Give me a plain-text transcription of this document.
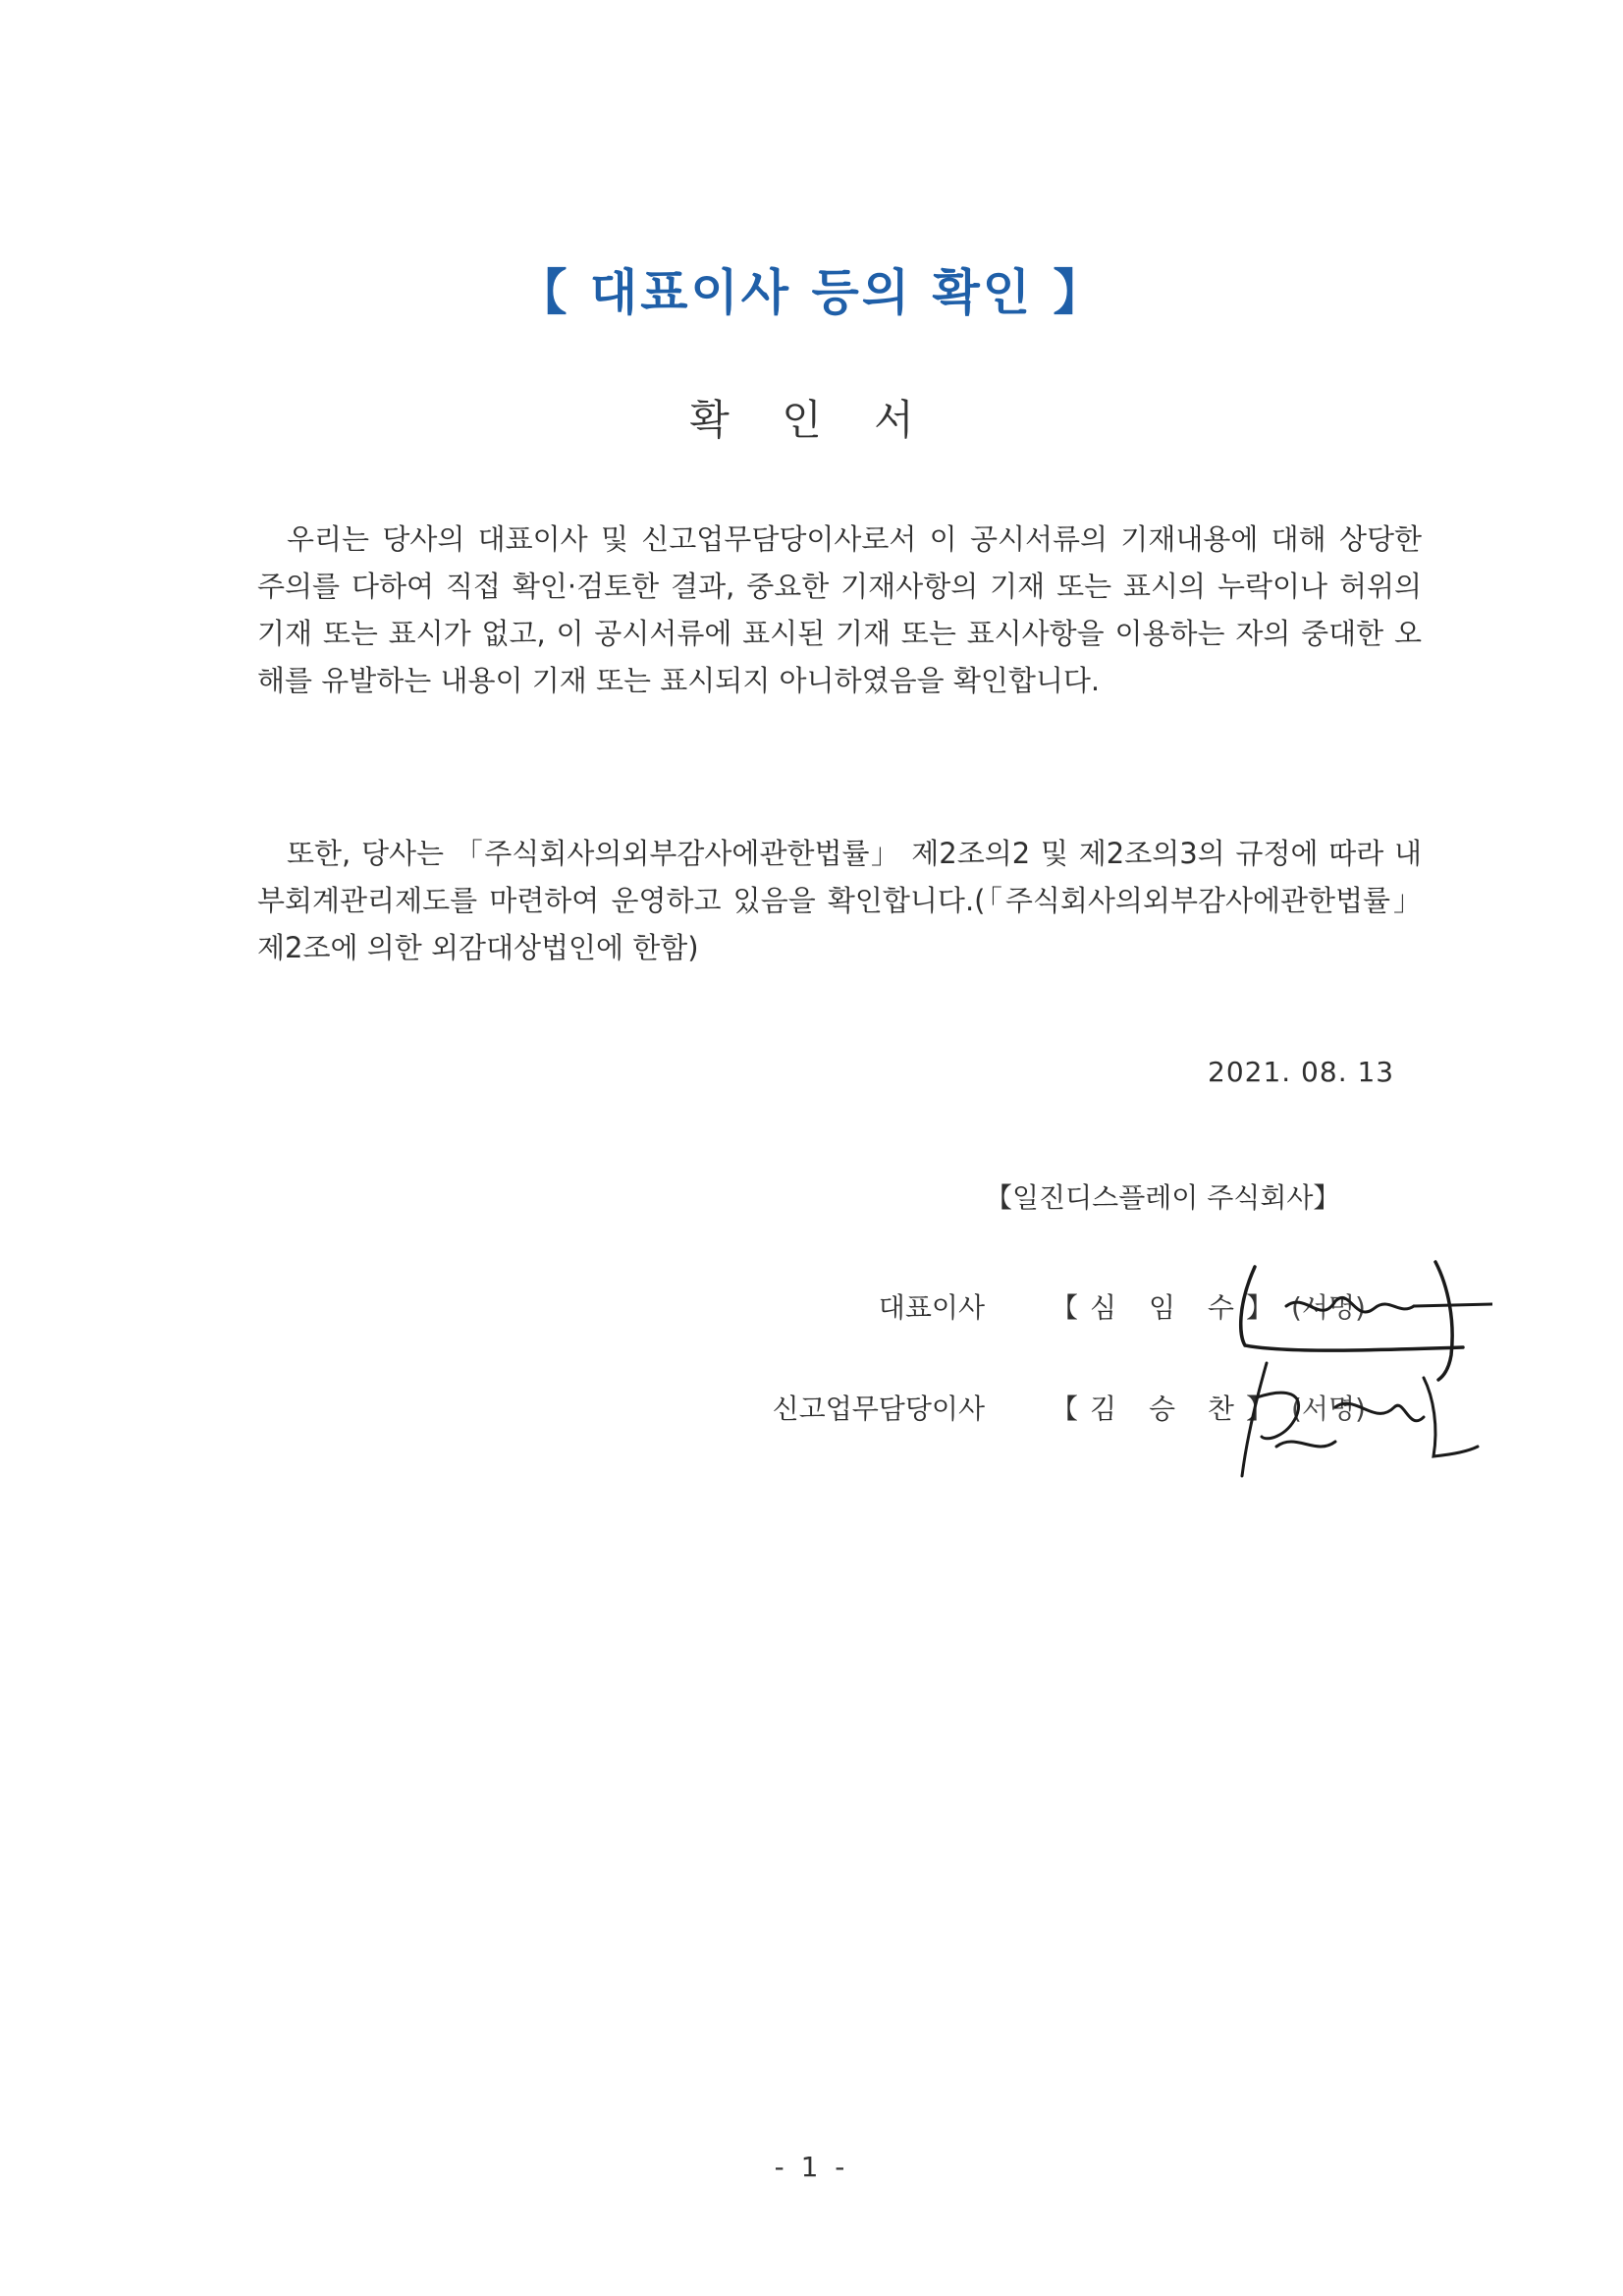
【 대표이사 등의 확인 】
확 인 서
우리는 당사의 대표이사 및 신고업무담당이사로서 이 공시서류의 기재내용에 대해 상당한 주의를 다하여 직접 확인·검토한 결과, 중요한 기재사항의 기재 또는 표시의 누락이나 허위의 기재 또는 표시가 없고, 이 공시서류에 표시된 기재 또는 표시사항을 이용하는 자의 중대한 오해를 유발하는 내용이 기재 또는 표시되지 아니하였음을 확인합니다.
또한, 당사는 「주식회사의외부감사에관한법률」 제2조의2 및 제2조의3의 규정에 따라 내부회계관리제도를 마련하여 운영하고 있음을 확인합니다.(「주식회사의외부감사에관한법률」 제2조에 의한 외감대상법인에 한함)
2021. 08. 13
【일진디스플레이 주식회사】
대표이사 【심 임 수】 (서명)
신고업무담당이사 【김 승 찬】 (서명)
- 1 -
